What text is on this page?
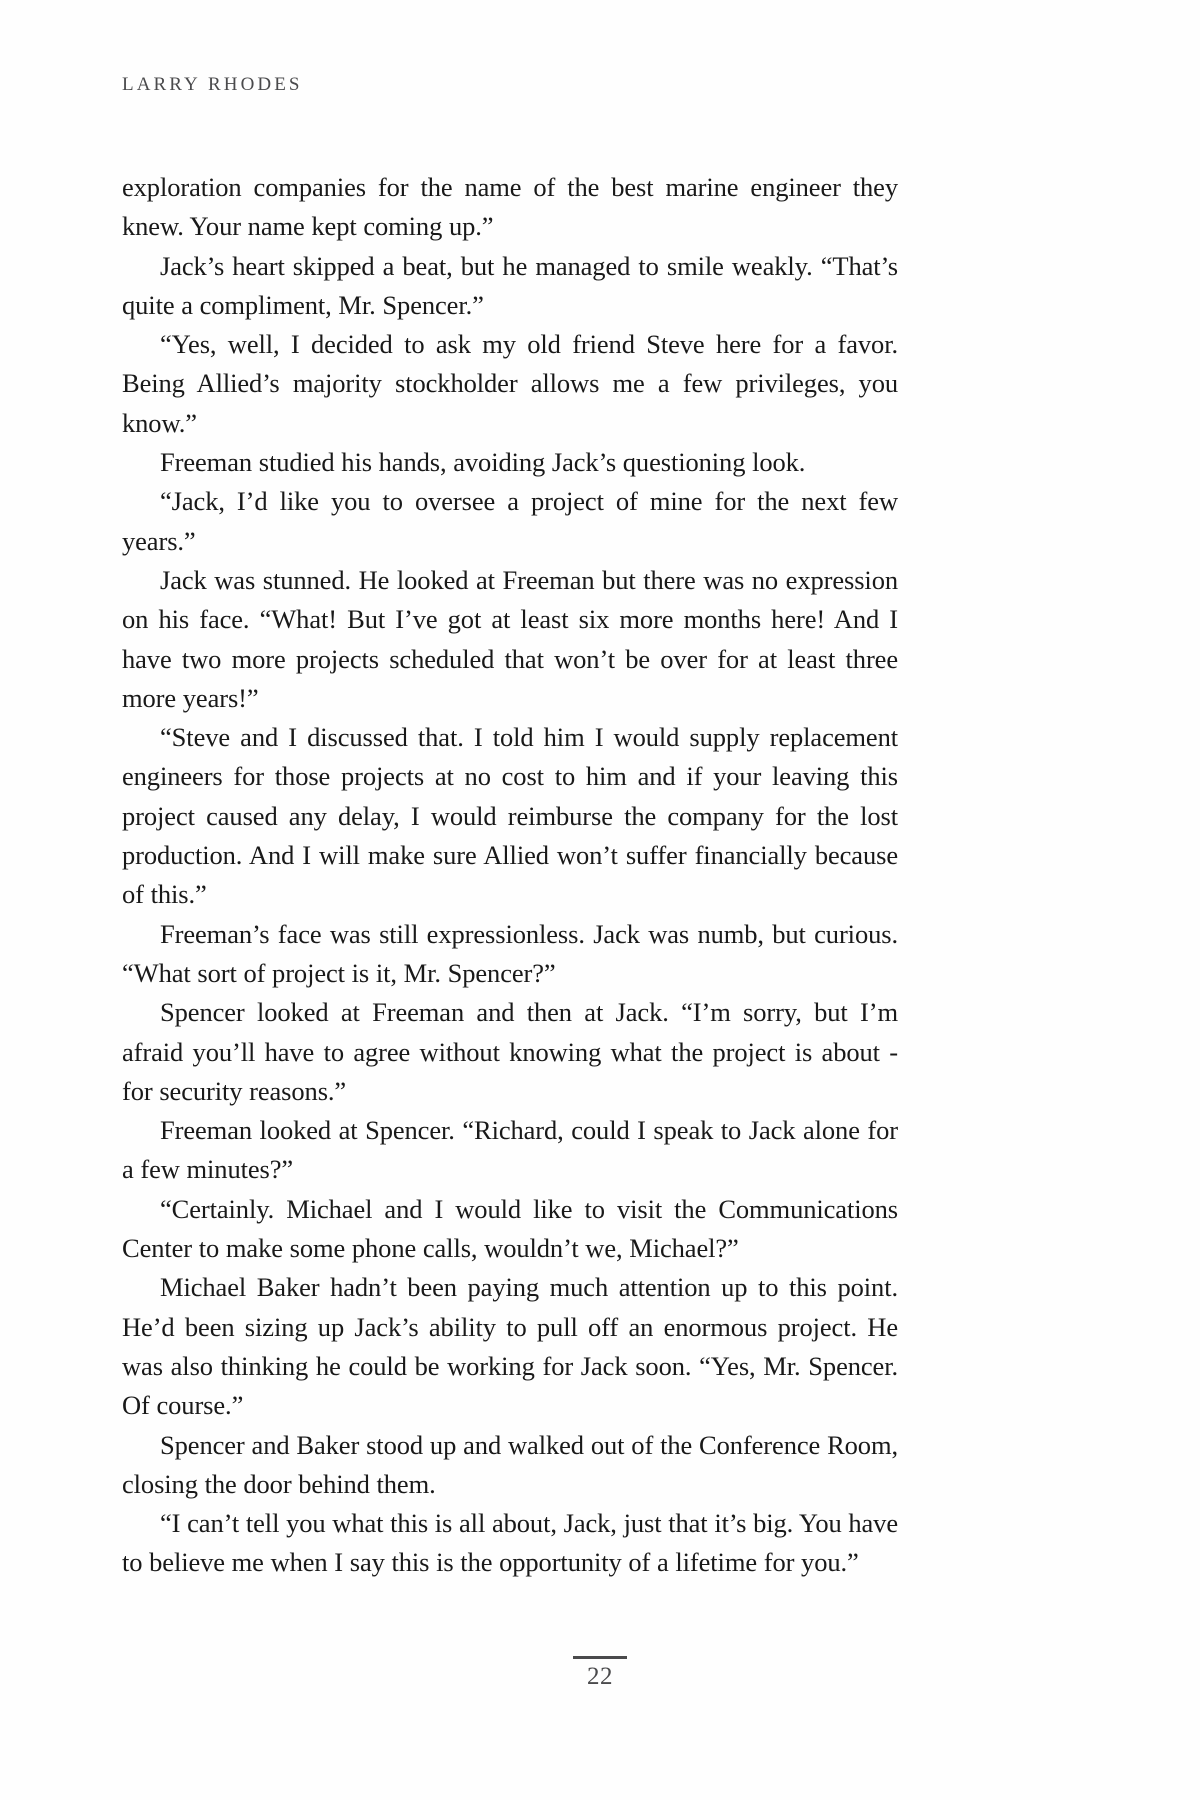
LARRY RHODES

exploration companies for the name of the best marine engineer they knew. Your name kept coming up.”

Jack’s heart skipped a beat, but he managed to smile weakly. “That’s quite a compliment, Mr. Spencer.”

“Yes, well, I decided to ask my old friend Steve here for a favor. Being Allied’s majority stockholder allows me a few privileges, you know.”

Freeman studied his hands, avoiding Jack’s questioning look.

“Jack, I’d like you to oversee a project of mine for the next few years.”

Jack was stunned. He looked at Freeman but there was no expression on his face. “What! But I’ve got at least six more months here! And I have two more projects scheduled that won’t be over for at least three more years!”

“Steve and I discussed that. I told him I would supply replacement engineers for those projects at no cost to him and if your leaving this project caused any delay, I would reimburse the company for the lost production. And I will make sure Allied won’t suffer financially because of this.”

Freeman’s face was still expressionless. Jack was numb, but curious. “What sort of project is it, Mr. Spencer?”

Spencer looked at Freeman and then at Jack. “I’m sorry, but I’m afraid you’ll have to agree without knowing what the project is about - for security reasons.”

Freeman looked at Spencer. “Richard, could I speak to Jack alone for a few minutes?”

“Certainly. Michael and I would like to visit the Communications Center to make some phone calls, wouldn’t we, Michael?”

Michael Baker hadn’t been paying much attention up to this point. He’d been sizing up Jack’s ability to pull off an enormous project. He was also thinking he could be working for Jack soon. “Yes, Mr. Spencer. Of course.”

Spencer and Baker stood up and walked out of the Conference Room, closing the door behind them.

“I can’t tell you what this is all about, Jack, just that it’s big. You have to believe me when I say this is the opportunity of a lifetime for you.”

22
